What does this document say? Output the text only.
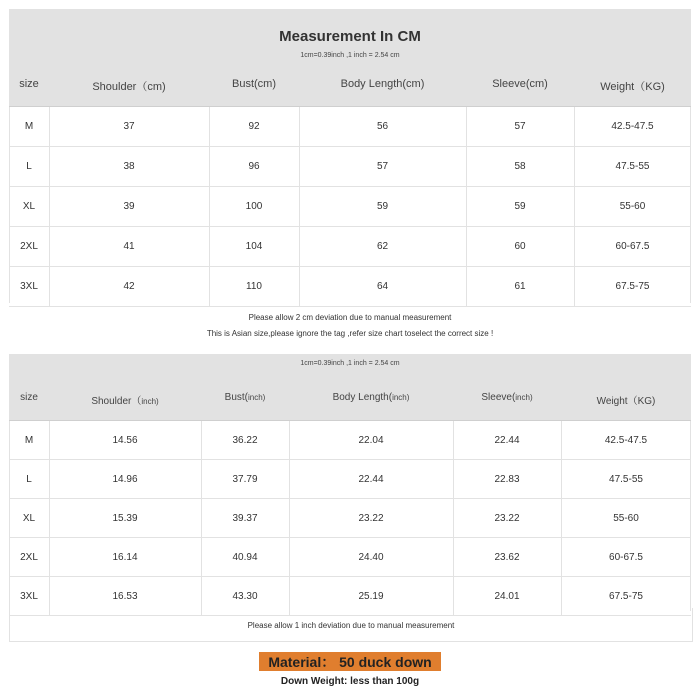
Measurement In CM
1cm=0.39inch ,1 inch = 2.54 cm
size	Shoulder（cm)	Bust(cm)	Body Length(cm)	Sleeve(cm)	Weight（KG)
M	37	92	56	57	42.5-47.5
L	38	96	57	58	47.5-55
XL	39	100	59	59	55-60
2XL	41	104	62	60	60-67.5
3XL	42	110	64	61	67.5-75
Please allow 2 cm deviation due to manual measurement
This is Asian size,please ignore the tag ,refer size chart toselect the correct size !
1cm=0.39inch ,1 inch = 2.54 cm
size	Shoulder（inch)	Bust(inch)	Body Length(inch)	Sleeve(inch)	Weight（KG)
M	14.56	36.22	22.04	22.44	42.5-47.5
L	14.96	37.79	22.44	22.83	47.5-55
XL	15.39	39.37	23.22	23.22	55-60
2XL	16.14	40.94	24.40	23.62	60-67.5
3XL	16.53	43.30	25.19	24.01	67.5-75
Please allow 1 inch deviation due to manual measurement
Material： 50 duck down
Down Weight: less than 100g
